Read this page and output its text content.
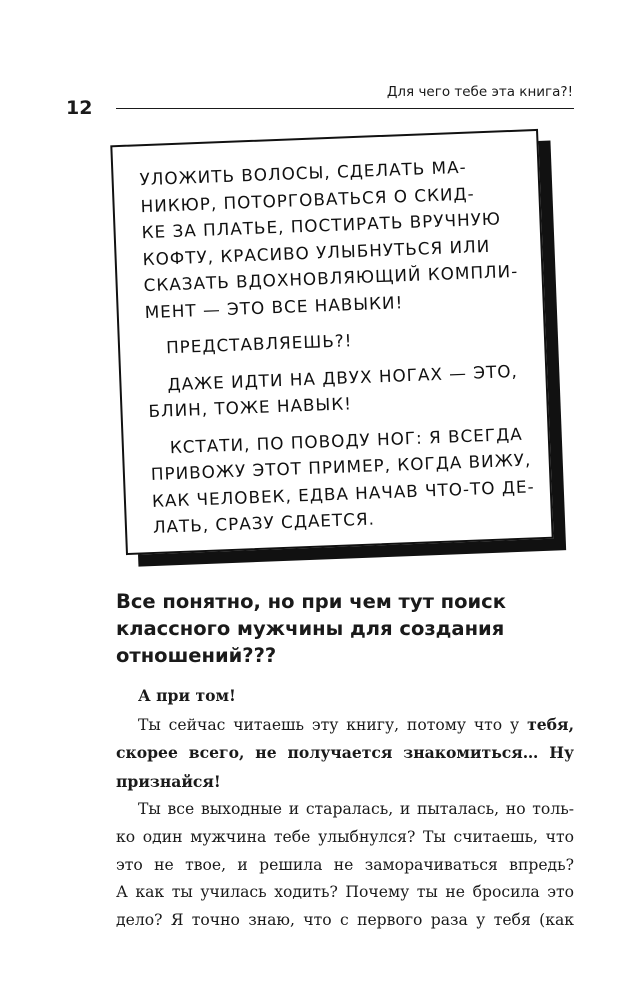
Для чего тебе эта книга?!
12

УЛОЖИТЬ ВОЛОСЫ, СДЕЛАТЬ МА-
НИКЮР, ПОТОРГОВАТЬСЯ О СКИД-
КЕ ЗА ПЛАТЬЕ, ПОСТИРАТЬ ВРУЧНУЮ
КОФТУ, КРАСИВО УЛЫБНУТЬСЯ ИЛИ
СКАЗАТЬ ВДОХНОВЛЯЮЩИЙ КОМПЛИ-
МЕНТ — ЭТО ВСЕ НАВЫКИ!

ПРЕДСТАВЛЯЕШЬ?!

ДАЖЕ ИДТИ НА ДВУХ НОГАХ — ЭТО,
БЛИН, ТОЖЕ НАВЫК!

КСТАТИ, ПО ПОВОДУ НОГ: Я ВСЕГДА
ПРИВОЖУ ЭТОТ ПРИМЕР, КОГДА ВИЖУ,
КАК ЧЕЛОВЕК, ЕДВА НАЧАВ ЧТО-ТО ДЕ-
ЛАТЬ, СРАЗУ СДАЕТСЯ.

Все понятно, но при чем тут поиск
классного мужчины для создания
отношений???
А при том!
Ты сейчас читаешь эту книгу, потому что у тебя,
скорее всего, не получается знакомиться… Ну
признайся!
Ты все выходные и старалась, и пыталась, но толь-
ко один мужчина тебе улыбнулся? Ты считаешь, что
это не твое, и решила не заморачиваться впредь?
А как ты училась ходить? Почему ты не бросила это
дело? Я точно знаю, что с первого раза у тебя (как
